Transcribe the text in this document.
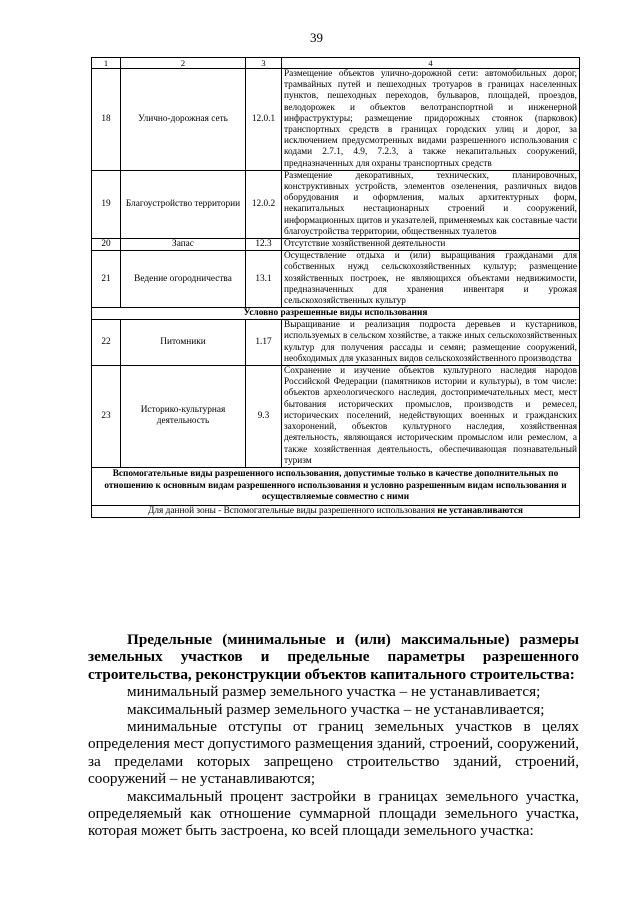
39
1	2	3	4
18	Улично-дорожная сеть	12.0.1	Размещение объектов улично-дорожной сети: автомобильных дорог, трамвайных путей и пешеходных тротуаров в границах населенных пунктов, пешеходных переходов, бульваров, площадей, проездов, велодорожек и объектов велотранспортной и инженерной инфраструктуры; размещение придорожных стоянок (парковок) транспортных средств в границах городских улиц и дорог, за исключением предусмотренных видами разрешенного использования с кодами 2.7.1, 4.9, 7.2.3, а также некапитальных сооружений, предназначенных для охраны транспортных средств
19	Благоустройство территории	12.0.2	Размещение декоративных, технических, планировочных, конструктивных устройств, элементов озеленения, различных видов оборудования и оформления, малых архитектурных форм, некапитальных нестационарных строений и сооружений, информационных щитов и указателей, применяемых как составные части благоустройства территории, общественных туалетов
20	Запас	12.3	Отсутствие хозяйственной деятельности
21	Ведение огородничества	13.1	Осуществление отдыха и (или) выращивания гражданами для собственных нужд сельскохозяйственных культур; размещение хозяйственных построек, не являющихся объектами недвижимости, предназначенных для хранения инвентаря и урожая сельскохозяйственных культур
Условно разрешенные виды использования			
22	Питомники	1.17	Выращивание и реализация подроста деревьев и кустарников, используемых в сельском хозяйстве, а также иных сельскохозяйственных культур для получения рассады и семян; размещение сооружений, необходимых для указанных видов сельскохозяйственного производства
23	Историко-культурная деятельность	9.3	Сохранение и изучение объектов культурного наследия народов Российской Федерации (памятников истории и культуры), в том числе: объектов археологического наследия, достопримечательных мест, мест бытования исторических промыслов, производств и ремесел, исторических поселений, недействующих военных и гражданских захоронений, объектов культурного наследия, хозяйственная деятельность, являющаяся историческим промыслом или ремеслом, а также хозяйственная деятельность, обеспечивающая познавательный туризм
Вспомогательные виды разрешенного использования, допустимые только в качестве дополнительных по отношению к основным видам разрешенного использования и условно разрешенным видам использования и осуществляемые совместно с ними			
Для данной зоны - Вспомогательные виды разрешенного использования не устанавливаются			

Предельные (минимальные и (или) максимальные) размеры земельных участков и предельные параметры разрешенного строительства, реконструкции объектов капитального строительства:

минимальный размер земельного участка – не устанавливается;

максимальный размер земельного участка – не устанавливается;

минимальные отступы от границ земельных участков в целях определения мест допустимого размещения зданий, строений, сооружений, за пределами которых запрещено строительство зданий, строений, сооружений – не устанавливаются;

максимальный процент застройки в границах земельного участка, определяемый как отношение суммарной площади земельного участка, которая может быть застроена, ко всей площади земельного участка:
